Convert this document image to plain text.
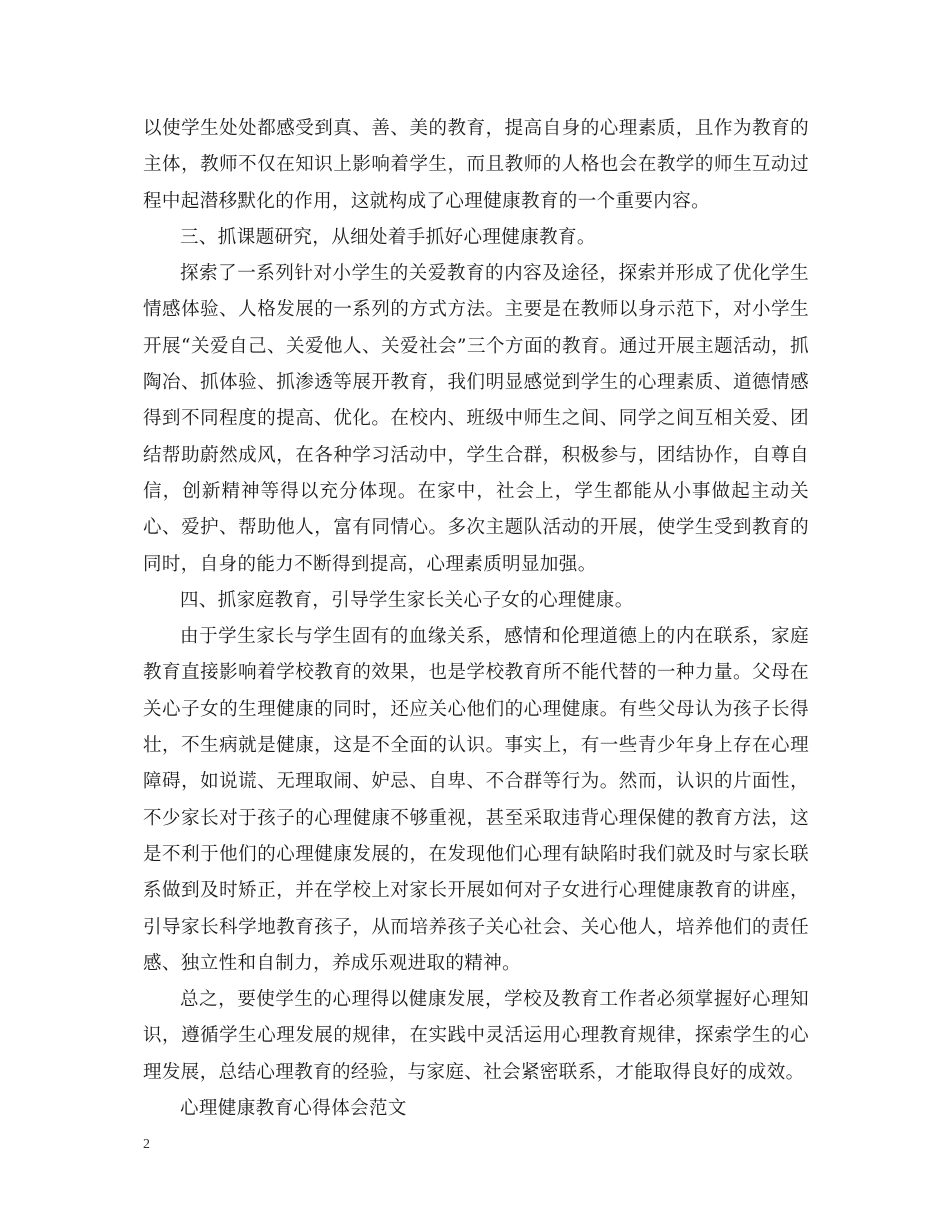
以使学生处处都感受到真、善、美的教育，提高自身的心理素质，且作为教育的主体，教师不仅在知识上影响着学生，而且教师的人格也会在教学的师生互动过程中起潜移默化的作用，这就构成了心理健康教育的一个重要内容。

三、抓课题研究，从细处着手抓好心理健康教育。

探索了一系列针对小学生的关爱教育的内容及途径，探索并形成了优化学生情感体验、人格发展的一系列的方式方法。主要是在教师以身示范下，对小学生开展“关爱自己、关爱他人、关爱社会”三个方面的教育。通过开展主题活动，抓陶冶、抓体验、抓渗透等展开教育，我们明显感觉到学生的心理素质、道德情感得到不同程度的提高、优化。在校内、班级中师生之间、同学之间互相关爱、团结帮助蔚然成风，在各种学习活动中，学生合群，积极参与，团结协作，自尊自信，创新精神等得以充分体现。在家中，社会上，学生都能从小事做起主动关心、爱护、帮助他人，富有同情心。多次主题队活动的开展，使学生受到教育的同时，自身的能力不断得到提高，心理素质明显加强。

四、抓家庭教育，引导学生家长关心子女的心理健康。

由于学生家长与学生固有的血缘关系，感情和伦理道德上的内在联系，家庭教育直接影响着学校教育的效果，也是学校教育所不能代替的一种力量。父母在关心子女的生理健康的同时，还应关心他们的心理健康。有些父母认为孩子长得壮，不生病就是健康，这是不全面的认识。事实上，有一些青少年身上存在心理障碍，如说谎、无理取闹、妒忌、自卑、不合群等行为。然而，认识的片面性，不少家长对于孩子的心理健康不够重视，甚至采取违背心理保健的教育方法，这是不利于他们的心理健康发展的，在发现他们心理有缺陷时我们就及时与家长联系做到及时矫正，并在学校上对家长开展如何对子女进行心理健康教育的讲座，引导家长科学地教育孩子，从而培养孩子关心社会、关心他人，培养他们的责任感、独立性和自制力，养成乐观进取的精神。

总之，要使学生的心理得以健康发展，学校及教育工作者必须掌握好心理知识，遵循学生心理发展的规律，在实践中灵活运用心理教育规律，探索学生的心理发展，总结心理教育的经验，与家庭、社会紧密联系，才能取得良好的成效。

心理健康教育心得体会范文

2
